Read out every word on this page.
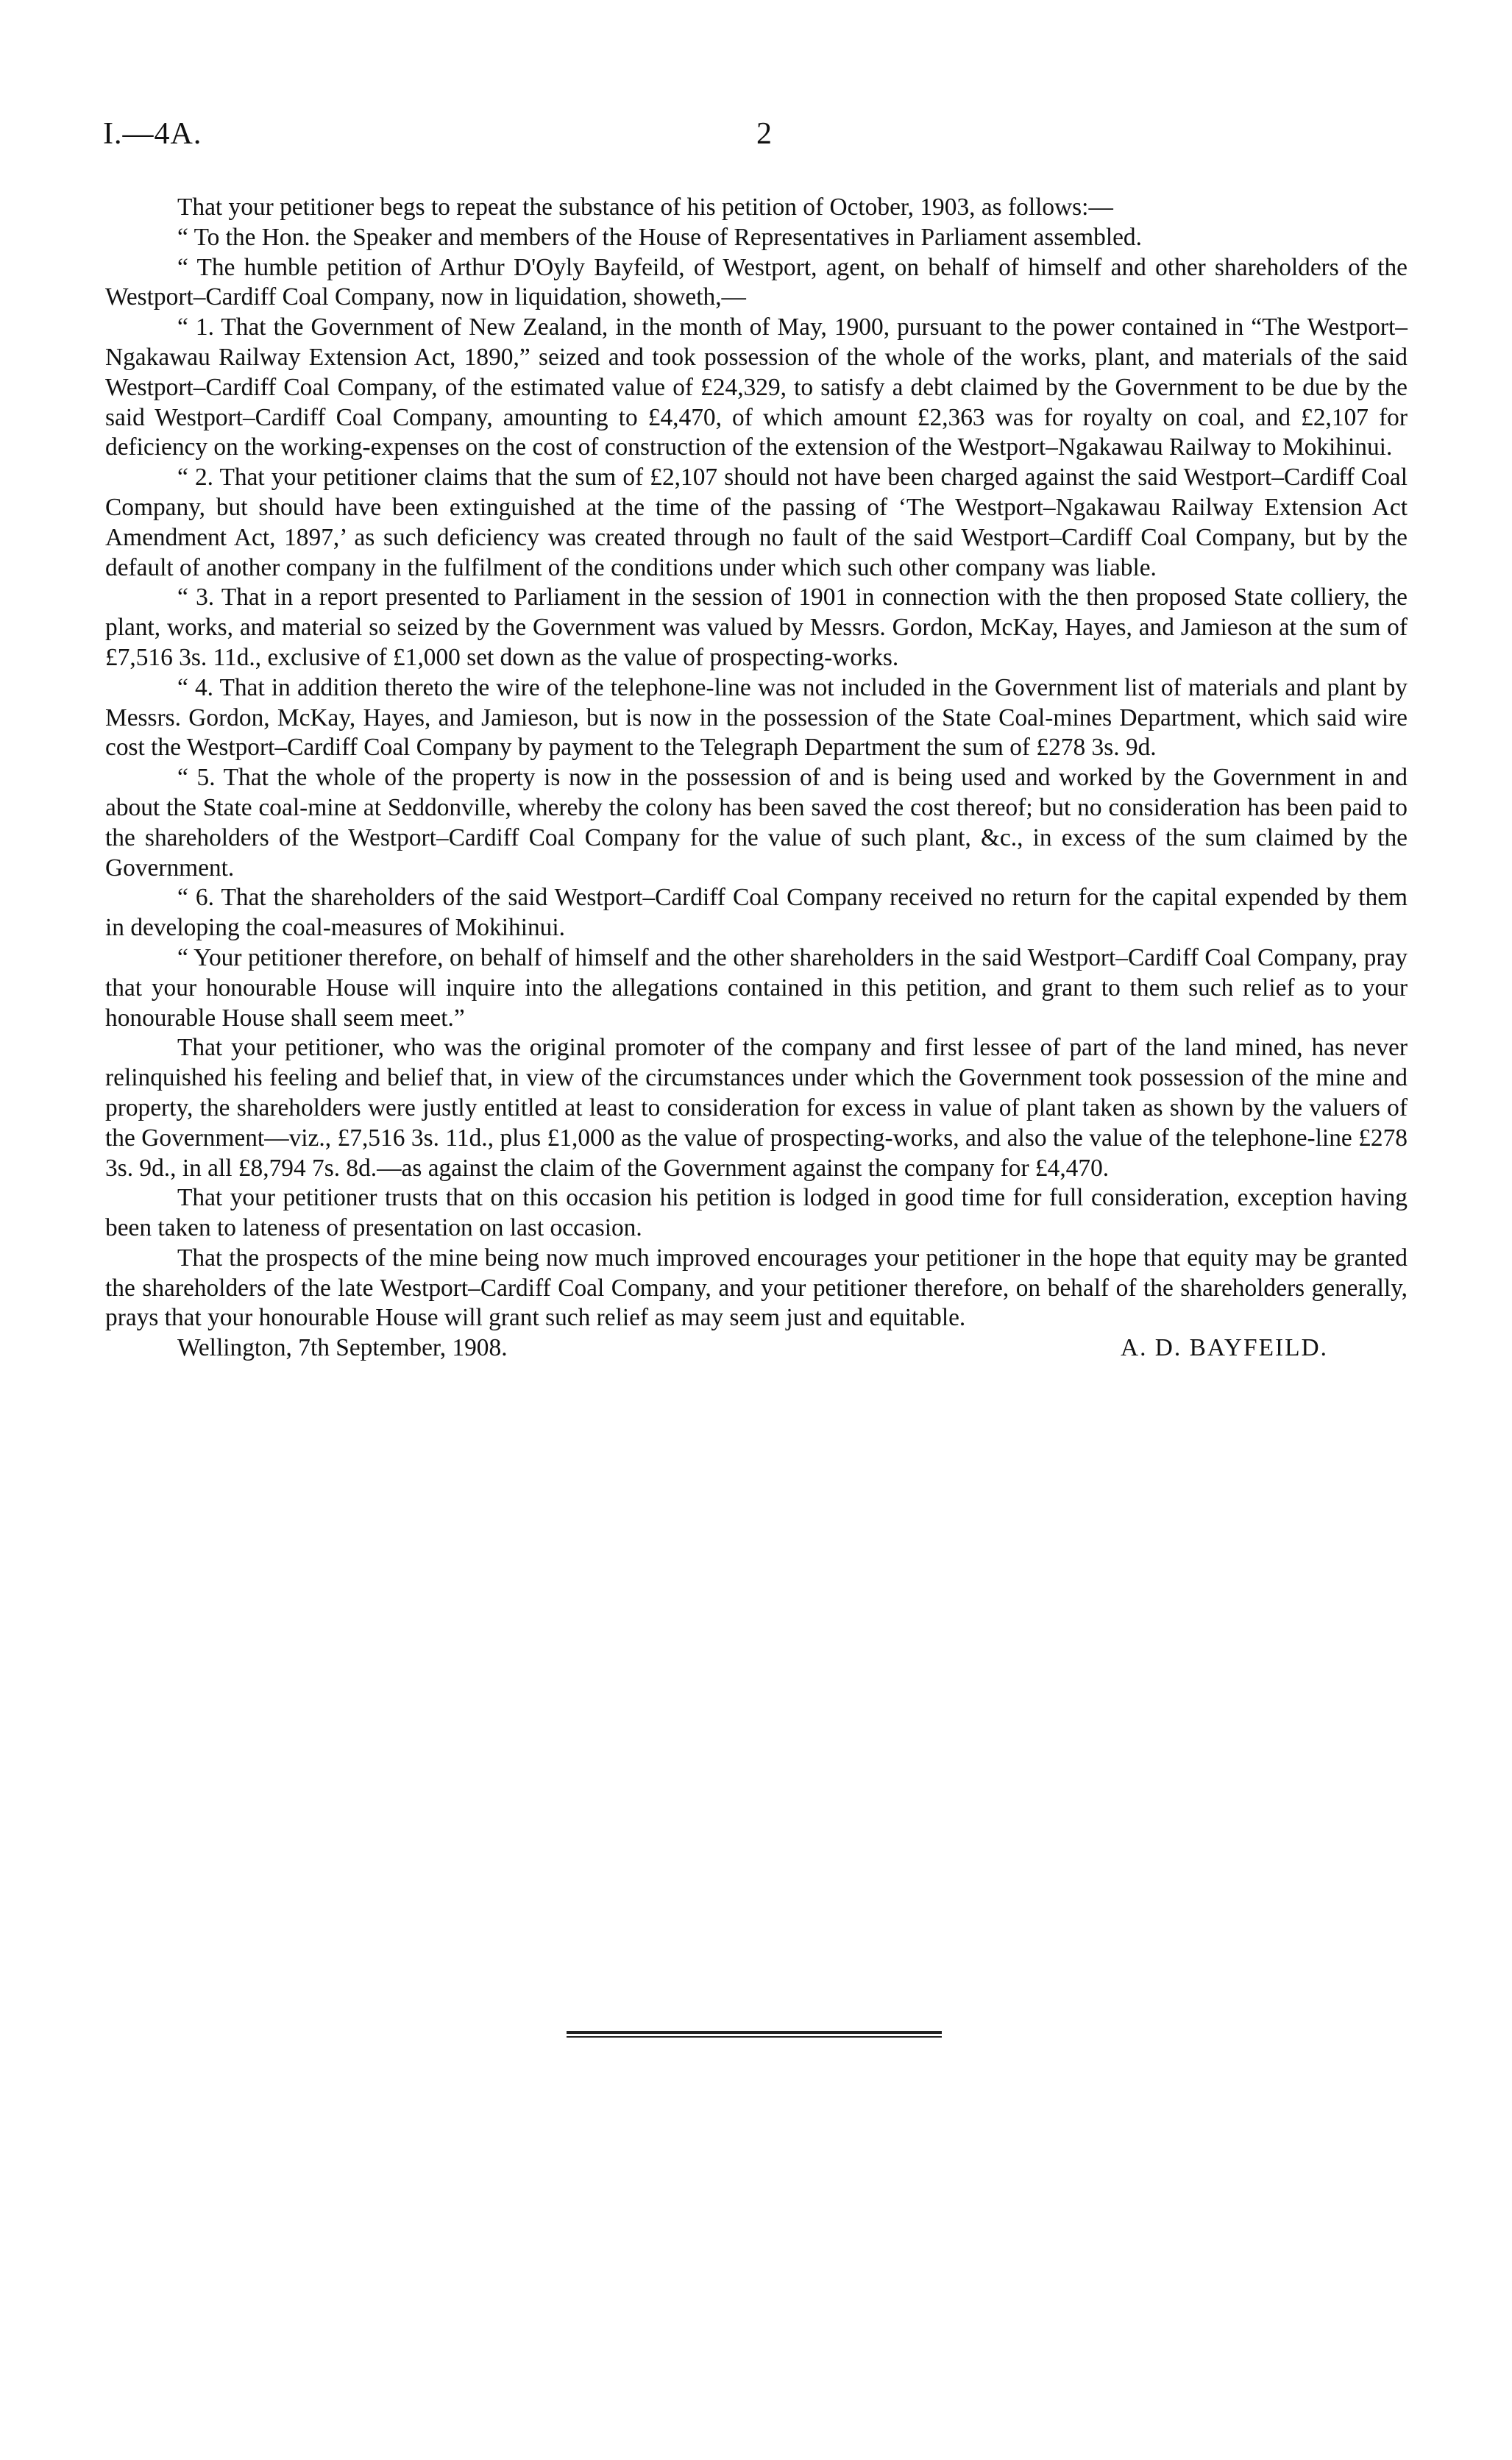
I.—4A.	2

That your petitioner begs to repeat the substance of his petition of October, 1903, as follows:—

“ To the Hon. the Speaker and members of the House of Representatives in Parliament assembled.

“ The humble petition of Arthur D'Oyly Bayfeild, of Westport, agent, on behalf of himself and other shareholders of the Westport–Cardiff Coal Company, now in liquidation, showeth,—

“ 1. That the Government of New Zealand, in the month of May, 1900, pursuant to the power contained in “The Westport–Ngakawau Railway Extension Act, 1890,” seized and took possession of the whole of the works, plant, and materials of the said Westport–Cardiff Coal Company, of the estimated value of £24,329, to satisfy a debt claimed by the Government to be due by the said Westport–Cardiff Coal Company, amounting to £4,470, of which amount £2,363 was for royalty on coal, and £2,107 for deficiency on the working-expenses on the cost of construction of the extension of the Westport–Ngakawau Railway to Mokihinui.

“ 2. That your petitioner claims that the sum of £2,107 should not have been charged against the said Westport–Cardiff Coal Company, but should have been extinguished at the time of the passing of ‘The Westport–Ngakawau Railway Extension Act Amendment Act, 1897,’ as such deficiency was created through no fault of the said Westport–Cardiff Coal Company, but by the default of another company in the fulfilment of the conditions under which such other company was liable.

“ 3. That in a report presented to Parliament in the session of 1901 in connection with the then proposed State colliery, the plant, works, and material so seized by the Government was valued by Messrs. Gordon, McKay, Hayes, and Jamieson at the sum of £7,516 3s. 11d., exclusive of £1,000 set down as the value of prospecting-works.

“ 4. That in addition thereto the wire of the telephone-line was not included in the Government list of materials and plant by Messrs. Gordon, McKay, Hayes, and Jamieson, but is now in the possession of the State Coal-mines Department, which said wire cost the Westport–Cardiff Coal Company by payment to the Telegraph Department the sum of £278 3s. 9d.

“ 5. That the whole of the property is now in the possession of and is being used and worked by the Government in and about the State coal-mine at Seddonville, whereby the colony has been saved the cost thereof; but no consideration has been paid to the shareholders of the Westport–Cardiff Coal Company for the value of such plant, &c., in excess of the sum claimed by the Government.

“ 6. That the shareholders of the said Westport–Cardiff Coal Company received no return for the capital expended by them in developing the coal-measures of Mokihinui.

“ Your petitioner therefore, on behalf of himself and the other shareholders in the said Westport–Cardiff Coal Company, pray that your honourable House will inquire into the allegations contained in this petition, and grant to them such relief as to your honourable House shall seem meet.”

That your petitioner, who was the original promoter of the company and first lessee of part of the land mined, has never relinquished his feeling and belief that, in view of the circumstances under which the Government took possession of the mine and property, the shareholders were justly entitled at least to consideration for excess in value of plant taken as shown by the valuers of the Government—viz., £7,516 3s. 11d., plus £1,000 as the value of prospecting-works, and also the value of the telephone-line £278 3s. 9d., in all £8,794 7s. 8d.—as against the claim of the Government against the company for £4,470.

That your petitioner trusts that on this occasion his petition is lodged in good time for full consideration, exception having been taken to lateness of presentation on last occasion.

That the prospects of the mine being now much improved encourages your petitioner in the hope that equity may be granted the shareholders of the late Westport–Cardiff Coal Company, and your petitioner therefore, on behalf of the shareholders generally, prays that your honourable House will grant such relief as may seem just and equitable.

Wellington, 7th September, 1908.	A. D. BAYFEILD.
